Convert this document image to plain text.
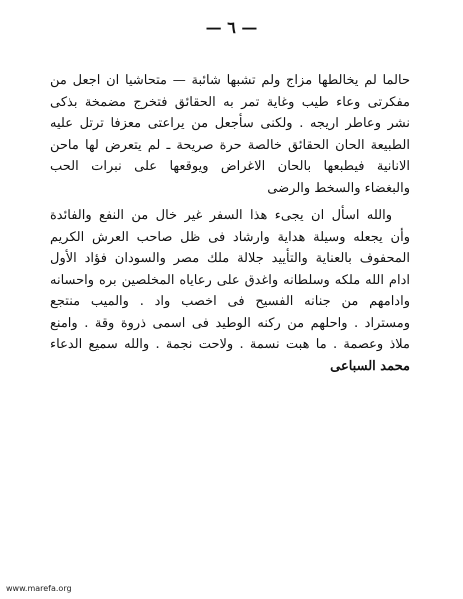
— ٦ —
حالما لم يخالطها مزاج ولم تشبها شائبة — متحاشيا ان اجعل من
مفكرتى وعاء طيب وغاية تمر به الحقائق فتخرج مضمخة بذكى
نشر وعاطر اريجه . ولكنى سأجعل من يراعتى معزفا ترتل عليه
الطبيعة الحان الحقائق خالصة حرة صريحة ـ لم يتعرض لها ماحن
الانانية فيطبعها بالحان الاغراض ويوقعها على نبرات الحب
والبغضاء والسخط والرضى
والله اسأل ان يجىء هذا السفر غير خال من النفع والفائدة
وأن يجعله وسيلة هداية وارشاد فى ظل صاحب العرش الكريم
المحفوف بالعناية والتأييد جلالة ملك مصر والسودان فؤاد الأول
ادام الله ملكه وسلطانه واغدق على رعاياه المخلصين بره واحسانه
وادامهم من جنانه الفسيح فى اخصب واد . والميب منتجع
ومستراد . واحلهم من ركنه الوطيد فى اسمى ذروة وقة . وامنع
ملاذ وعصمة . ما هبت نسمة . ولاحت نجمة . والله سميع الدعاء
محمد السباعى
www.marefa.org
